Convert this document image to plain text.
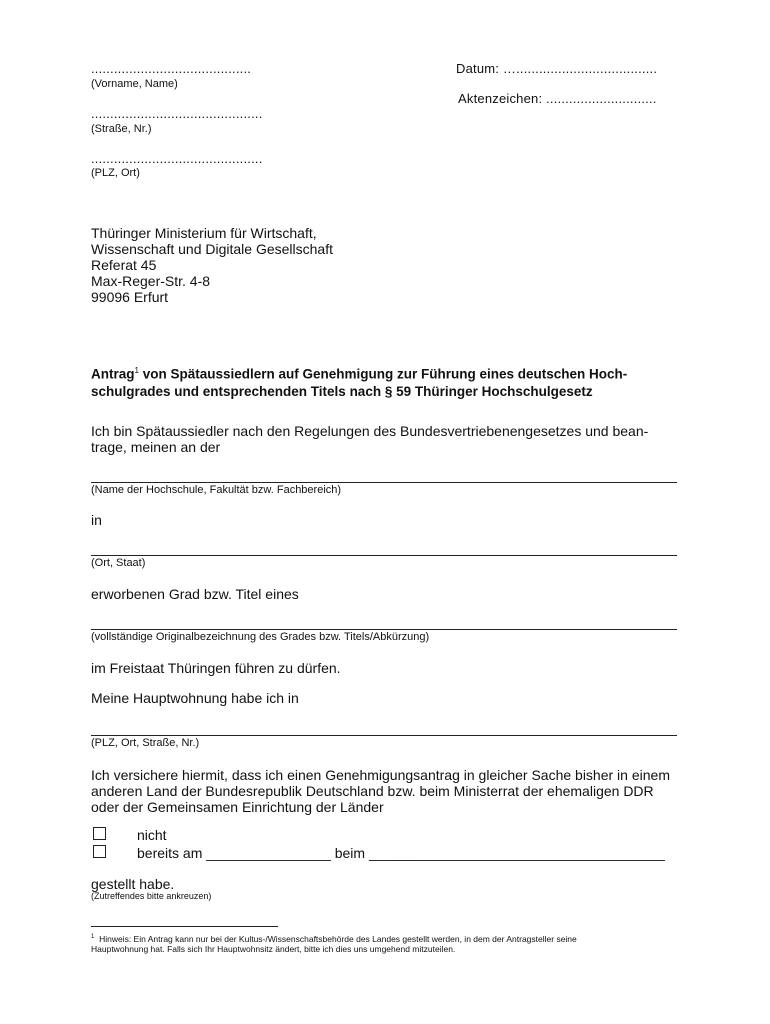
..........................................
(Vorname, Name)
.............................................
(Straße, Nr.)
.............................................
(PLZ, Ort)
Datum: ….....................................
Aktenzeichen: .............................
Thüringer Ministerium für Wirtschaft,
Wissenschaft und Digitale Gesellschaft
Referat 45
Max-Reger-Str. 4-8
99096 Erfurt
Antrag$^1$ von Spätaussiedlern auf Genehmigung zur Führung eines deutschen Hoch-
schulgrades und entsprechenden Titels nach § 59 Thüringer Hochschulgesetz
Ich bin Spätaussiedler nach den Regelungen des Bundesvertriebenengesetzes und bean-
trage, meinen an der
(Name der Hochschule, Fakultät bzw. Fachbereich)
in
(Ort, Staat)
erworbenen Grad bzw. Titel eines
(vollständige Originalbezeichnung des Grades bzw. Titels/Abkürzung)
im Freistaat Thüringen führen zu dürfen.
Meine Hauptwohnung habe ich in
(PLZ, Ort, Straße, Nr.)
Ich versichere hiermit, dass ich einen Genehmigungsantrag in gleicher Sache bisher in einem
anderen Land der Bundesrepublik Deutschland bzw. beim Ministerrat der ehemaligen DDR
oder der Gemeinsamen Einrichtung der Länder
nicht
bereits am ________________ beim ______________________________________
gestellt habe.
(Zutreffendes bitte ankreuzen)
$^1$ Hinweis: Ein Antrag kann nur bei der Kultus-/Wissenschaftsbehörde des Landes gestellt werden, in dem der Antragsteller seine
Hauptwohnung hat. Falls sich Ihr Hauptwohnsitz ändert, bitte ich dies uns umgehend mitzuteilen.
